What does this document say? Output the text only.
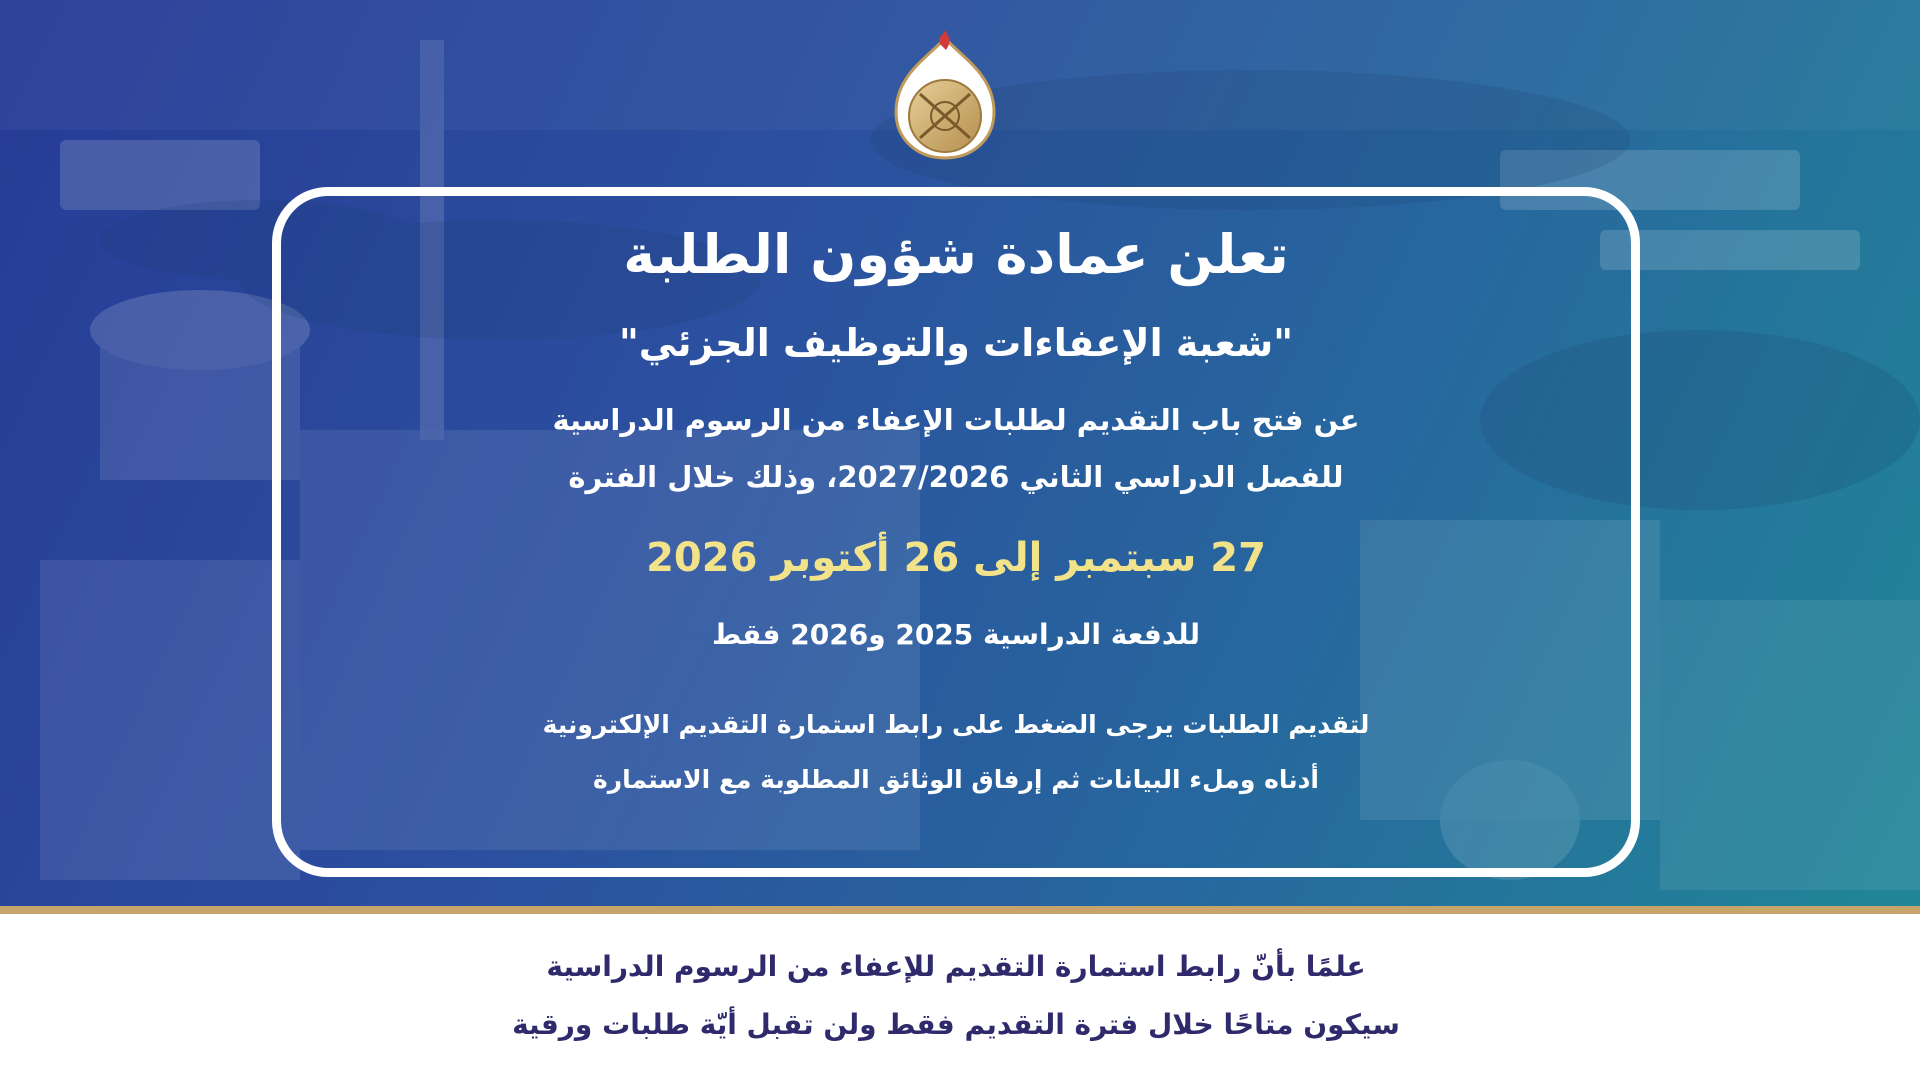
تعلن عمادة شؤون الطلبة
"شعبة الإعفاءات والتوظيف الجزئي"
عن فتح باب التقديم لطلبات الإعفاء من الرسوم الدراسية
للفصل الدراسي الثاني 2027/2026، وذلك خلال الفترة
27 سبتمبر إلى 26 أكتوبر 2026
للدفعة الدراسية 2025 و2026 فقط
لتقديم الطلبات يرجى الضغط على رابط استمارة التقديم الإلكترونية
أدناه وملء البيانات ثم إرفاق الوثائق المطلوبة مع الاستمارة
علمًا بأنّ رابط استمارة التقديم للإعفاء من الرسوم الدراسية
سيكون متاحًا خلال فترة التقديم فقط ولن تقبل أيّة طلبات ورقية
